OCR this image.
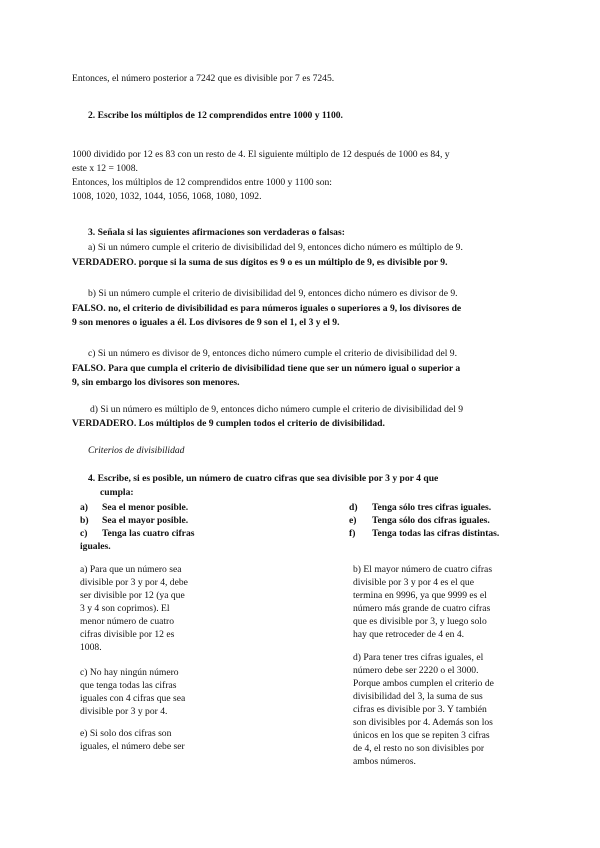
Entonces, el número posterior a 7242 que es divisible por 7 es 7245.
2. Escribe los múltiplos de 12 comprendidos entre 1000 y 1100.
1000 dividido por 12 es 83 con un resto de 4. El siguiente múltiplo de 12 después de 1000 es 84, y
este x 12 = 1008.
Entonces, los múltiplos de 12 comprendidos entre 1000 y 1100 son:
1008, 1020, 1032, 1044, 1056, 1068, 1080, 1092.
3. Señala si las siguientes afirmaciones son verdaderas o falsas:
a) Si un número cumple el criterio de divisibilidad del 9, entonces dicho número es múltiplo de 9.
VERDADERO. porque si la suma de sus dígitos es 9 o es un múltiplo de 9, es divisible por 9.
b) Si un número cumple el criterio de divisibilidad del 9, entonces dicho número es divisor de 9.
FALSO. no, el criterio de divisibilidad es para números iguales o superiores a 9, los divisores de
9 son menores o iguales a él. Los divisores de 9 son el 1, el 3 y el 9.
c) Si un número es divisor de 9, entonces dicho número cumple el criterio de divisibilidad del 9.
FALSO. Para que cumpla el criterio de divisibilidad tiene que ser un número igual o superior a
9, sin embargo los divisores son menores.
d) Si un número es múltiplo de 9, entonces dicho número cumple el criterio de divisibilidad del 9
VERDADERO. Los múltiplos de 9 cumplen todos el criterio de divisibilidad.
Criterios de divisibilidad
4. Escribe, si es posible, un número de cuatro cifras que sea divisible por 3 y por 4 que
cumpla:
a) Sea el menor posible.
b) Sea el mayor posible.
c) Tenga las cuatro cifras
iguales.
d) Tenga sólo tres cifras iguales.
e) Tenga sólo dos cifras iguales.
f) Tenga todas las cifras distintas.
a) Para que un número sea
divisible por 3 y por 4, debe
ser divisible por 12 (ya que
3 y 4 son coprimos). El
menor número de cuatro
cifras divisible por 12 es
1008.
c) No hay ningún número
que tenga todas las cifras
iguales con 4 cifras que sea
divisible por 3 y por 4.
e) Si solo dos cifras son
iguales, el número debe ser
b) El mayor número de cuatro cifras
divisible por 3 y por 4 es el que
termina en 9996, ya que 9999 es el
número más grande de cuatro cifras
que es divisible por 3, y luego solo
hay que retroceder de 4 en 4.
d) Para tener tres cifras iguales, el
número debe ser 2220 o el 3000.
Porque ambos cumplen el criterio de
divisibilidad del 3, la suma de sus
cifras es divisible por 3. Y también
son divisibles por 4. Además son los
únicos en los que se repiten 3 cifras
de 4, el resto no son divisibles por
ambos números.
